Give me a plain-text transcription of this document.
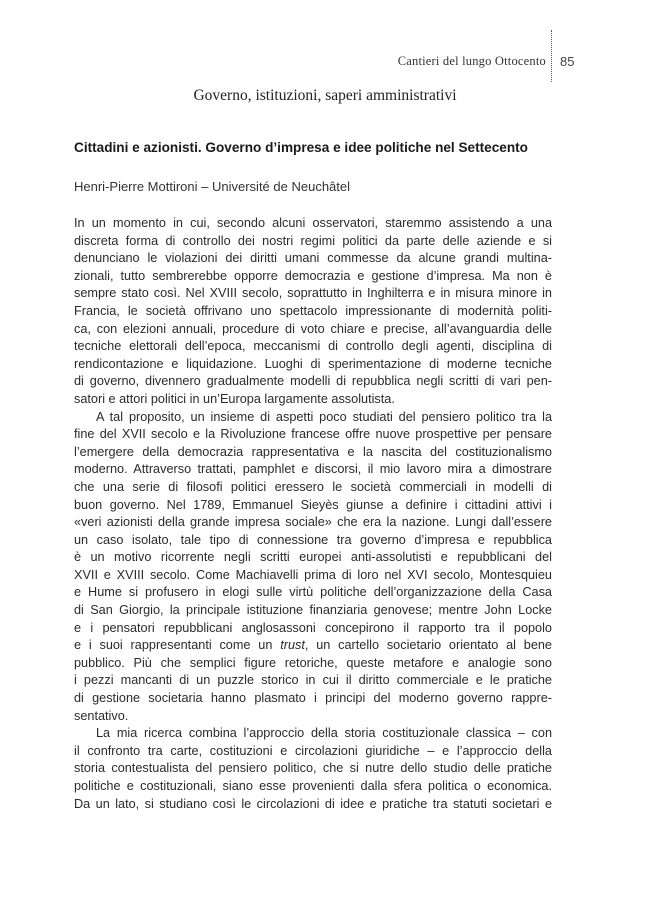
Cantieri del lungo Ottocento 85
Governo, istituzioni, saperi amministrativi
Cittadini e azionisti. Governo d’impresa e idee politiche nel Settecento
Henri-Pierre Mottironi – Université de Neuchâtel
In un momento in cui, secondo alcuni osservatori, staremmo assistendo a una
discreta forma di controllo dei nostri regimi politici da parte delle aziende e si
denunciano le violazioni dei diritti umani commesse da alcune grandi multina-
zionali, tutto sembrerebbe opporre democrazia e gestione d’impresa. Ma non è
sempre stato così. Nel XVIII secolo, soprattutto in Inghilterra e in misura minore in
Francia, le società offrivano uno spettacolo impressionante di modernità politi-
ca, con elezioni annuali, procedure di voto chiare e precise, all’avanguardia delle
tecniche elettorali dell’epoca, meccanismi di controllo degli agenti, disciplina di
rendicontazione e liquidazione. Luoghi di sperimentazione di moderne tecniche
di governo, divennero gradualmente modelli di repubblica negli scritti di vari pen-
satori e attori politici in un’Europa largamente assolutista.
A tal proposito, un insieme di aspetti poco studiati del pensiero politico tra la
fine del XVII secolo e la Rivoluzione francese offre nuove prospettive per pensare
l’emergere della democrazia rappresentativa e la nascita del costituzionalismo
moderno. Attraverso trattati, pamphlet e discorsi, il mio lavoro mira a dimostrare
che una serie di filosofi politici eressero le società commerciali in modelli di
buon governo. Nel 1789, Emmanuel Sieyès giunse a definire i cittadini attivi i
«veri azionisti della grande impresa sociale» che era la nazione. Lungi dall’essere
un caso isolato, tale tipo di connessione tra governo d’impresa e repubblica
è un motivo ricorrente negli scritti europei anti-assolutisti e repubblicani del
XVII e XVIII secolo. Come Machiavelli prima di loro nel XVI secolo, Montesquieu
e Hume si profusero in elogi sulle virtù politiche dell’organizzazione della Casa
di San Giorgio, la principale istituzione finanziaria genovese; mentre John Locke
e i pensatori repubblicani anglosassoni concepirono il rapporto tra il popolo
e i suoi rappresentanti come un trust, un cartello societario orientato al bene
pubblico. Più che semplici figure retoriche, queste metafore e analogie sono
i pezzi mancanti di un puzzle storico in cui il diritto commerciale e le pratiche
di gestione societaria hanno plasmato i principi del moderno governo rappre-
sentativo.
La mia ricerca combina l’approccio della storia costituzionale classica – con
il confronto tra carte, costituzioni e circolazioni giuridiche – e l’approccio della
storia contestualista del pensiero politico, che si nutre dello studio delle pratiche
politiche e costituzionali, siano esse provenienti dalla sfera politica o economica.
Da un lato, si studiano così le circolazioni di idee e pratiche tra statuti societari e
